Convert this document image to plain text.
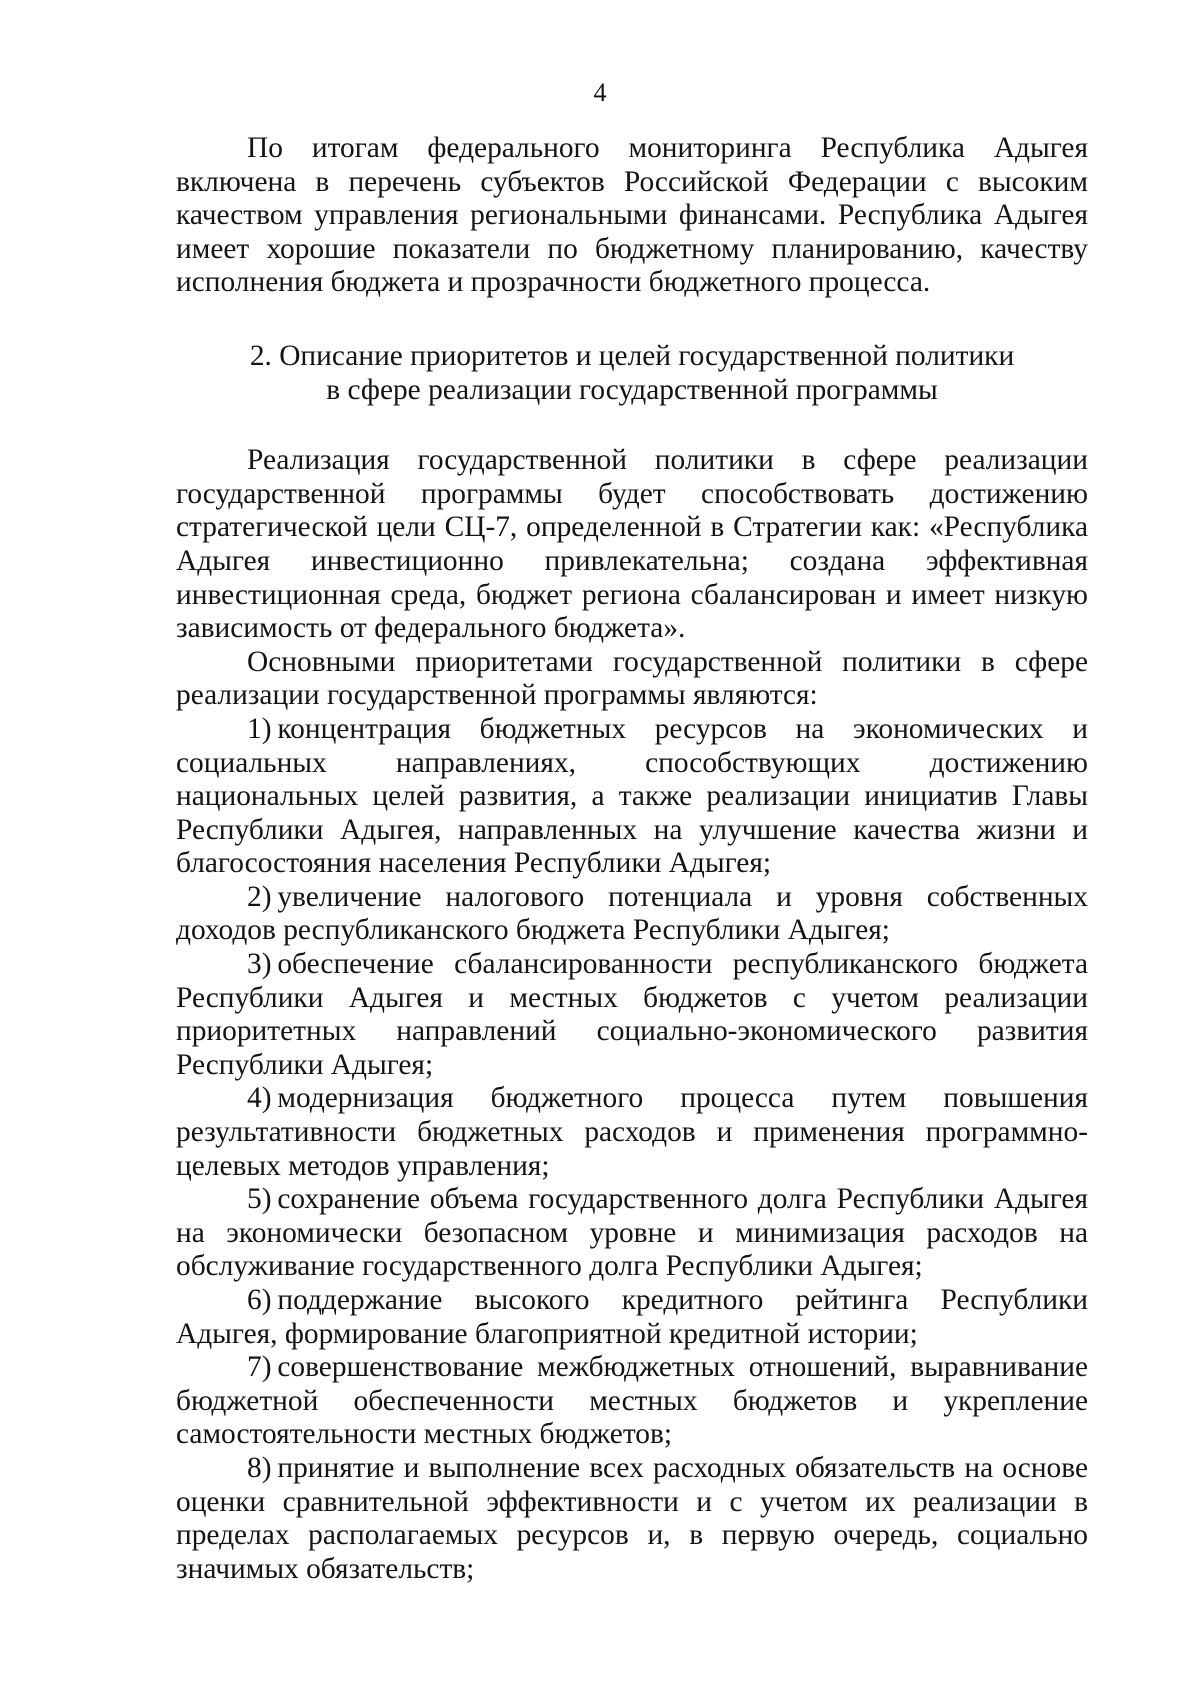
4

По итогам федерального мониторинга Республика Адыгея включена в перечень субъектов Российской Федерации с высоким качеством управления региональными финансами. Республика Адыгея имеет хорошие показатели по бюджетному планированию, качеству исполнения бюджета и прозрачности бюджетного процесса.

2. Описание приоритетов и целей государственной политики
в сфере реализации государственной программы

Реализация государственной политики в сфере реализации государственной программы будет способствовать достижению стратегической цели СЦ-7, определенной в Стратегии как: «Республика Адыгея инвестиционно привлекательна; создана эффективная инвестиционная среда, бюджет региона сбалансирован и имеет низкую зависимость от федерального бюджета».

Основными приоритетами государственной политики в сфере реализации государственной программы являются:

1) концентрация бюджетных ресурсов на экономических и социальных направлениях, способствующих достижению национальных целей развития, а также реализации инициатив Главы Республики Адыгея, направленных на улучшение качества жизни и благосостояния населения Республики Адыгея;

2) увеличение налогового потенциала и уровня собственных доходов республиканского бюджета Республики Адыгея;

3) обеспечение сбалансированности республиканского бюджета Республики Адыгея и местных бюджетов с учетом реализации приоритетных направлений социально-экономического развития Республики Адыгея;

4) модернизация бюджетного процесса путем повышения результативности бюджетных расходов и применения программно-целевых методов управления;

5) сохранение объема государственного долга Республики Адыгея на экономически безопасном уровне и минимизация расходов на обслуживание государственного долга Республики Адыгея;

6) поддержание высокого кредитного рейтинга Республики Адыгея, формирование благоприятной кредитной истории;

7) совершенствование межбюджетных отношений, выравнивание бюджетной обеспеченности местных бюджетов и укрепление самостоятельности местных бюджетов;

8) принятие и выполнение всех расходных обязательств на основе оценки сравнительной эффективности и с учетом их реализации в пределах располагаемых ресурсов и, в первую очередь, социально значимых обязательств;
